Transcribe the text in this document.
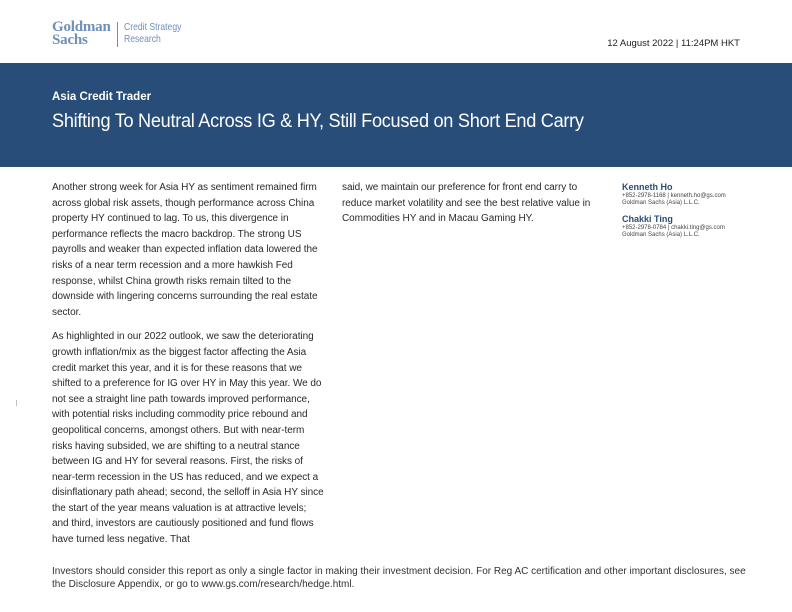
Goldman
Sachs
Credit Strategy
Research	12 August 2022 | 11:24PM HKT
Asia Credit Trader
Shifting To Neutral Across IG & HY, Still Focused on Short End Carry

Another strong week for Asia HY as sentiment remained firm across global risk assets, though performance across China property HY continued to lag. To us, this divergence in performance reflects the macro backdrop. The strong US payrolls and weaker than expected inflation data lowered the risks of a near term recession and a more hawkish Fed response, whilst China growth risks remain tilted to the downside with lingering concerns surrounding the real estate sector.

As highlighted in our 2022 outlook, we saw the deteriorating growth inflation/mix as the biggest factor affecting the Asia credit market this year, and it is for these reasons that we shifted to a preference for IG over HY in May this year. We do not see a straight line path towards improved performance, with potential risks including commodity price rebound and geopolitical concerns, amongst others. But with near-term risks having subsided, we are shifting to a neutral stance between IG and HY for several reasons. First, the risks of near-term recession in the US has reduced, and we expect a disinflationary path ahead; second, the selloff in Asia HY since the start of the year means valuation is at attractive levels; and third, investors are cautiously positioned and fund flows have turned less negative. That

said, we maintain our preference for front end carry to reduce market volatility and see the best relative value in Commodities HY and in Macau Gaming HY.

Kenneth Ho
+852-2978-1168 | kenneth.ho@gs.com
Goldman Sachs (Asia) L.L.C.
Chakki Ting
+852-2978-0784 | chakki.ting@gs.com
Goldman Sachs (Asia) L.L.C.
Investors should consider this report as only a single factor in making their investment decision. For Reg AC certification and other important disclosures, see the Disclosure Appendix, or go to www.gs.com/research/hedge.html.
